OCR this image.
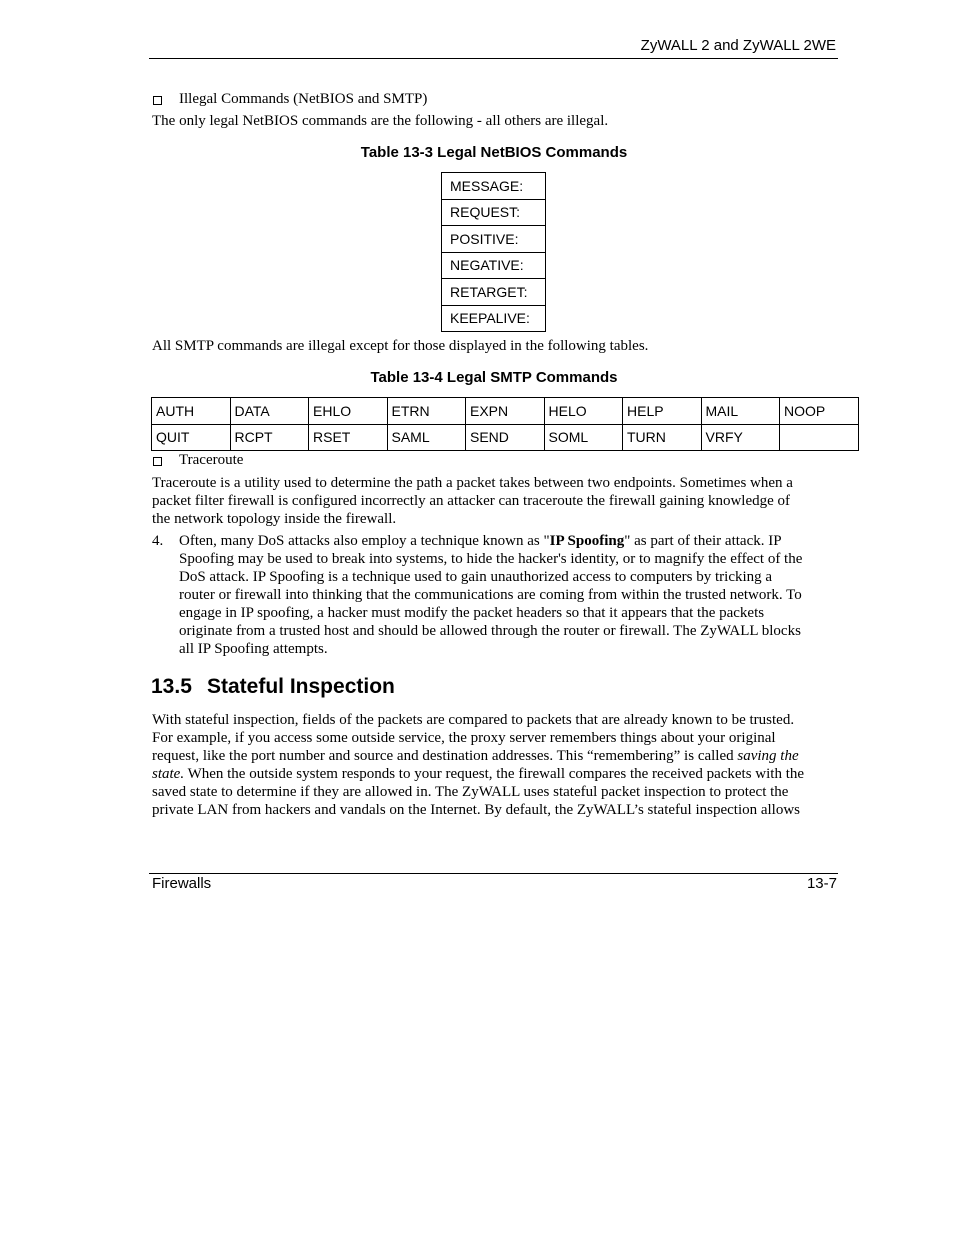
ZyWALL 2 and ZyWALL 2WE
Illegal Commands (NetBIOS and SMTP)
The only legal NetBIOS commands are the following - all others are illegal.
Table 13-3 Legal NetBIOS Commands
MESSAGE:
REQUEST:
POSITIVE:
NEGATIVE:
RETARGET:
KEEPALIVE:
All SMTP commands are illegal except for those displayed in the following tables.
Table 13-4 Legal SMTP Commands
AUTH	DATA	EHLO	ETRN	EXPN	HELO	HELP	MAIL	NOOP
QUIT	RCPT	RSET	SAML	SEND	SOML	TURN	VRFY	
Traceroute
Traceroute is a utility used to determine the path a packet takes between two endpoints. Sometimes when a
packet filter firewall is configured incorrectly an attacker can traceroute the firewall gaining knowledge of
the network topology inside the firewall.
4. Often, many DoS attacks also employ a technique known as "IP Spoofing" as part of their attack. IP
Spoofing may be used to break into systems, to hide the hacker's identity, or to magnify the effect of the
DoS attack. IP Spoofing is a technique used to gain unauthorized access to computers by tricking a
router or firewall into thinking that the communications are coming from within the trusted network. To
engage in IP spoofing, a hacker must modify the packet headers so that it appears that the packets
originate from a trusted host and should be allowed through the router or firewall. The ZyWALL blocks
all IP Spoofing attempts.
13.5 Stateful Inspection
With stateful inspection, fields of the packets are compared to packets that are already known to be trusted.
For example, if you access some outside service, the proxy server remembers things about your original
request, like the port number and source and destination addresses. This “remembering” is called saving the
state. When the outside system responds to your request, the firewall compares the received packets with the
saved state to determine if they are allowed in. The ZyWALL uses stateful packet inspection to protect the
private LAN from hackers and vandals on the Internet. By default, the ZyWALL’s stateful inspection allows
Firewalls	13-7
